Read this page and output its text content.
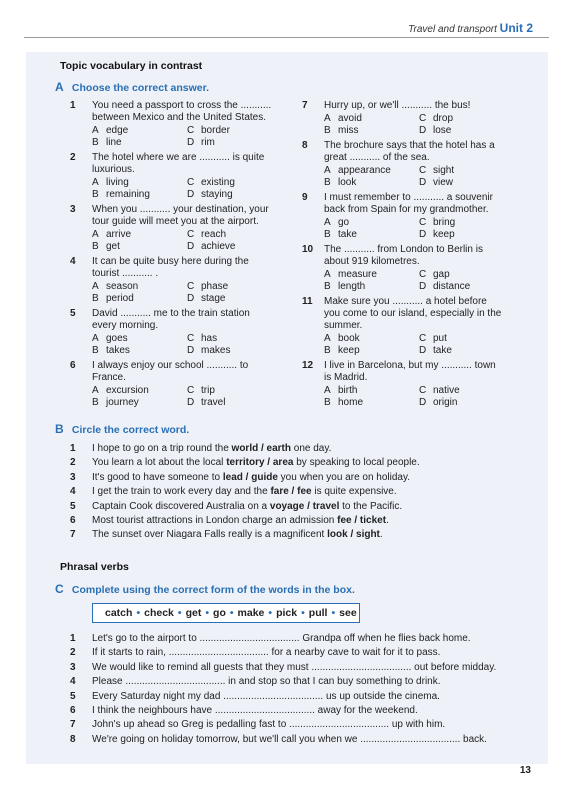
Travel and transport Unit 2
Topic vocabulary in contrast
A Choose the correct answer.
1	You need a passport to cross the ........... between Mexico and the United States.
A edge	C border
B line	D rim
2	The hotel where we are ........... is quite luxurious.
A living	C existing
B remaining	D staying
3	When you ........... your destination, your tour guide will meet you at the airport.
A arrive	C reach
B get	D achieve
4	It can be quite busy here during the tourist ........... .
A season	C phase
B period	D stage
5	David ........... me to the train station every morning.
A goes	C has
B takes	D makes
6	I always enjoy our school ........... to France.
A excursion	C trip
B journey	D travel
7	Hurry up, or we'll ........... the bus!
A avoid	C drop
B miss	D lose
8	The brochure says that the hotel has a great ........... of the sea.
A appearance	C sight
B look	D view
9	I must remember to ........... a souvenir back from Spain for my grandmother.
A go	C bring
B take	D keep
10	The ........... from London to Berlin is about 919 kilometres.
A measure	C gap
B length	D distance
11	Make sure you ........... a hotel before you come to our island, especially in the summer.
A book	C put
B keep	D take
12	I live in Barcelona, but my ........... town is Madrid.
A birth	C native
B home	D origin
B Circle the correct word.
1	I hope to go on a trip round the world / earth one day.
2	You learn a lot about the local territory / area by speaking to local people.
3	It's good to have someone to lead / guide you when you are on holiday.
4	I get the train to work every day and the fare / fee is quite expensive.
5	Captain Cook discovered Australia on a voyage / travel to the Pacific.
6	Most tourist attractions in London charge an admission fee / ticket.
7	The sunset over Niagara Falls really is a magnificent look / sight.
Phrasal verbs
C Complete using the correct form of the words in the box.
catch • check • get • go • make • pick • pull • see
1	Let's go to the airport to .................................... Grandpa off when he flies back home.
2	If it starts to rain, .................................... for a nearby cave to wait for it to pass.
3	We would like to remind all guests that they must .................................... out before midday.
4	Please .................................... in and stop so that I can buy something to drink.
5	Every Saturday night my dad .................................... us up outside the cinema.
6	I think the neighbours have .................................... away for the weekend.
7	John's up ahead so Greg is pedalling fast to .................................... up with him.
8	We're going on holiday tomorrow, but we'll call you when we .................................... back.
13
